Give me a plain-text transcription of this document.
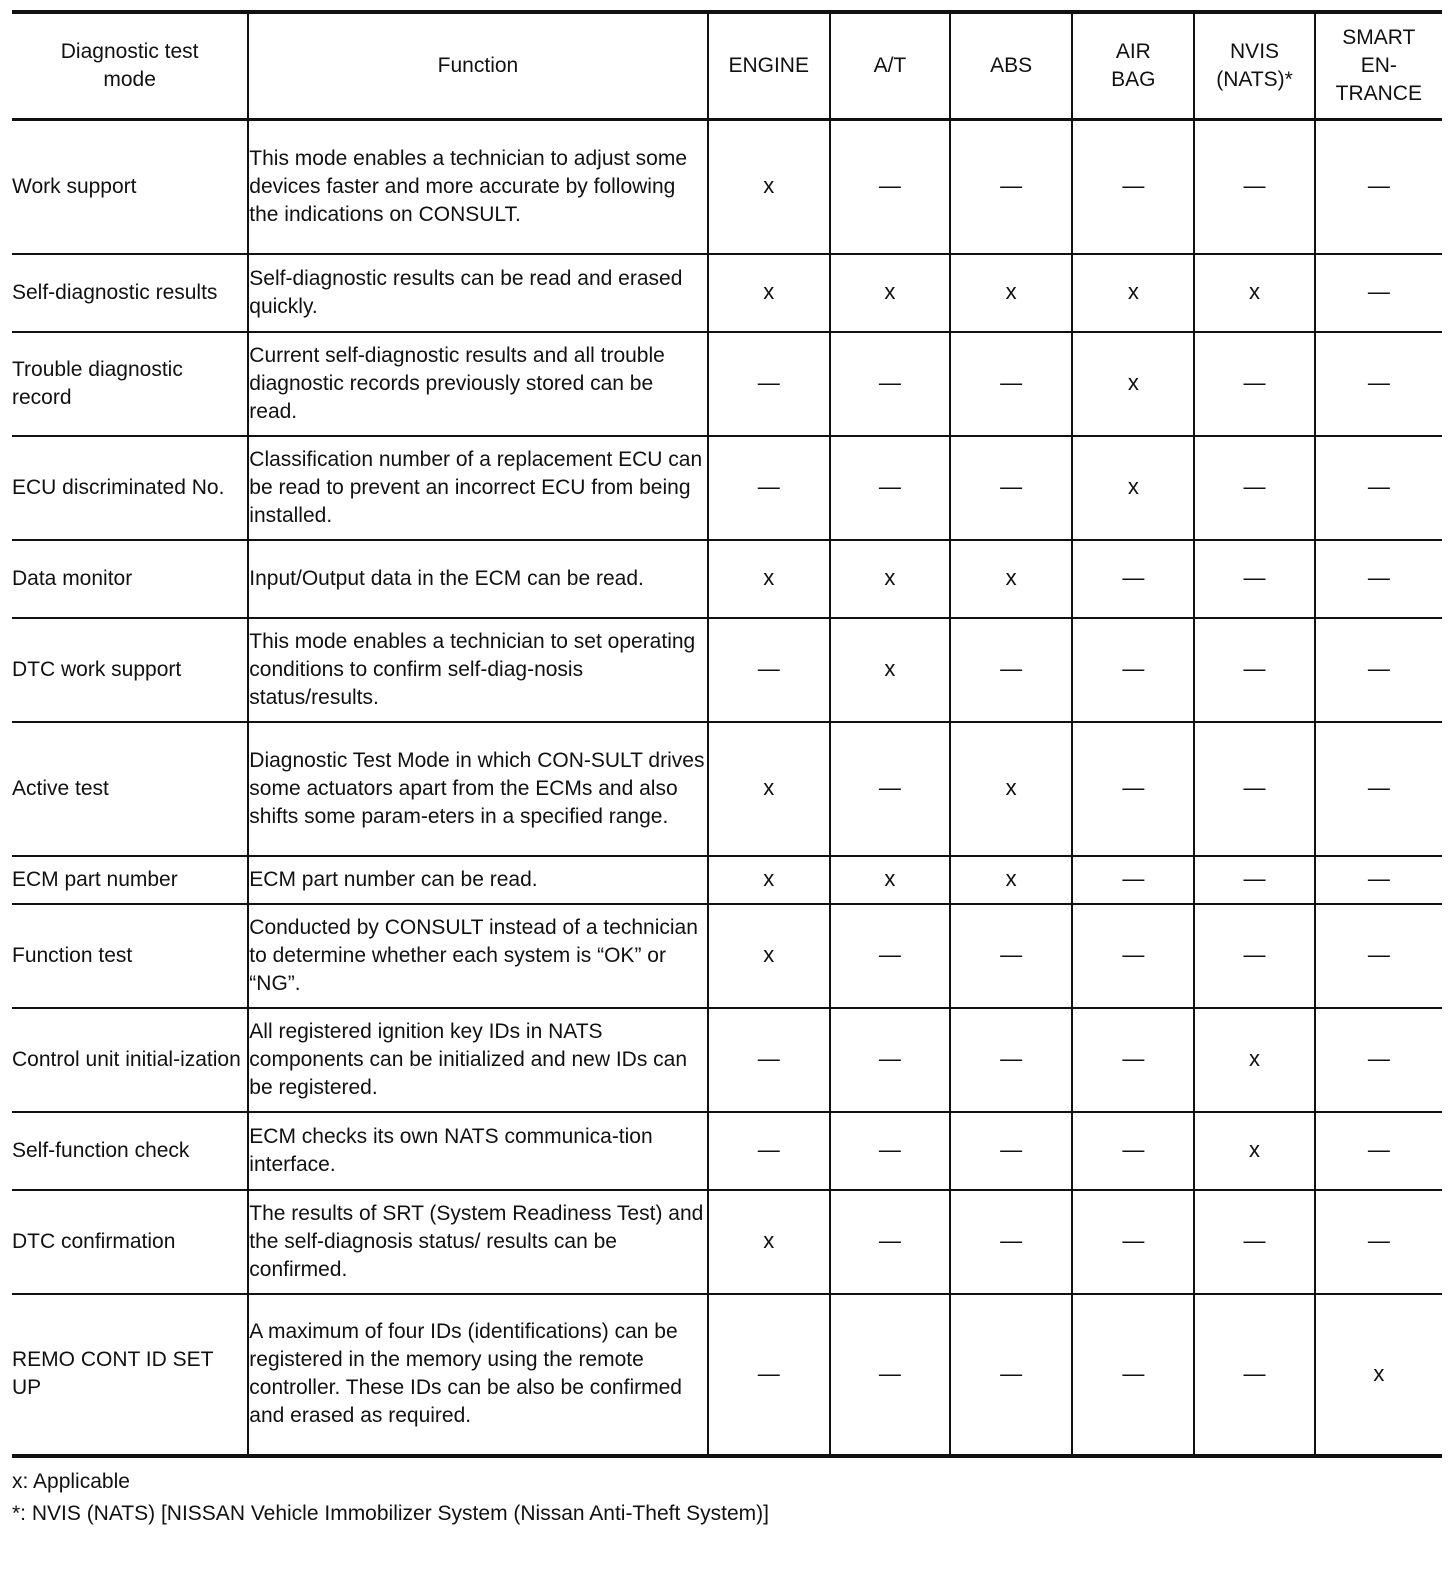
Diagnostic test mode	Function	ENGINE	A/T	ABS	AIR BAG	NVIS (NATS)*	SMART EN-TRANCE

Work support	This mode enables a technician to adjust some devices faster and more accurate by following the indications on CONSULT.	x	—	—	—	—	—
Self-diagnostic results	Self-diagnostic results can be read and erased quickly.	x	x	x	x	x	—
Trouble diagnostic record	Current self-diagnostic results and all trouble diagnostic records previously stored can be read.	—	—	—	x	—	—
ECU discriminated No.	Classification number of a replacement ECU can be read to prevent an incorrect ECU from being installed.	—	—	—	x	—	—
Data monitor	Input/Output data in the ECM can be read.	x	x	x	—	—	—
DTC work support	This mode enables a technician to set operating conditions to confirm self-diag-nosis status/results.	—	x	—	—	—	—
Active test	Diagnostic Test Mode in which CON-SULT drives some actuators apart from the ECMs and also shifts some param-eters in a specified range.	x	—	x	—	—	—
ECM part number	ECM part number can be read.	x	x	x	—	—	—
Function test	Conducted by CONSULT instead of a technician to determine whether each system is “OK” or “NG”.	x	—	—	—	—	—
Control unit initial-ization	All registered ignition key IDs in NATS components can be initialized and new IDs can be registered.	—	—	—	—	x	—
Self-function check	ECM checks its own NATS communica-tion interface.	—	—	—	—	x	—
DTC confirmation	The results of SRT (System Readiness Test) and the self-diagnosis status/ results can be confirmed.	x	—	—	—	—	—
REMO CONT ID SET UP	A maximum of four IDs (identifications) can be registered in the memory using the remote controller. These IDs can be also be confirmed and erased as required.	—	—	—	—	—	x
x: Applicable
*: NVIS (NATS) [NISSAN Vehicle Immobilizer System (Nissan Anti-Theft System)]
